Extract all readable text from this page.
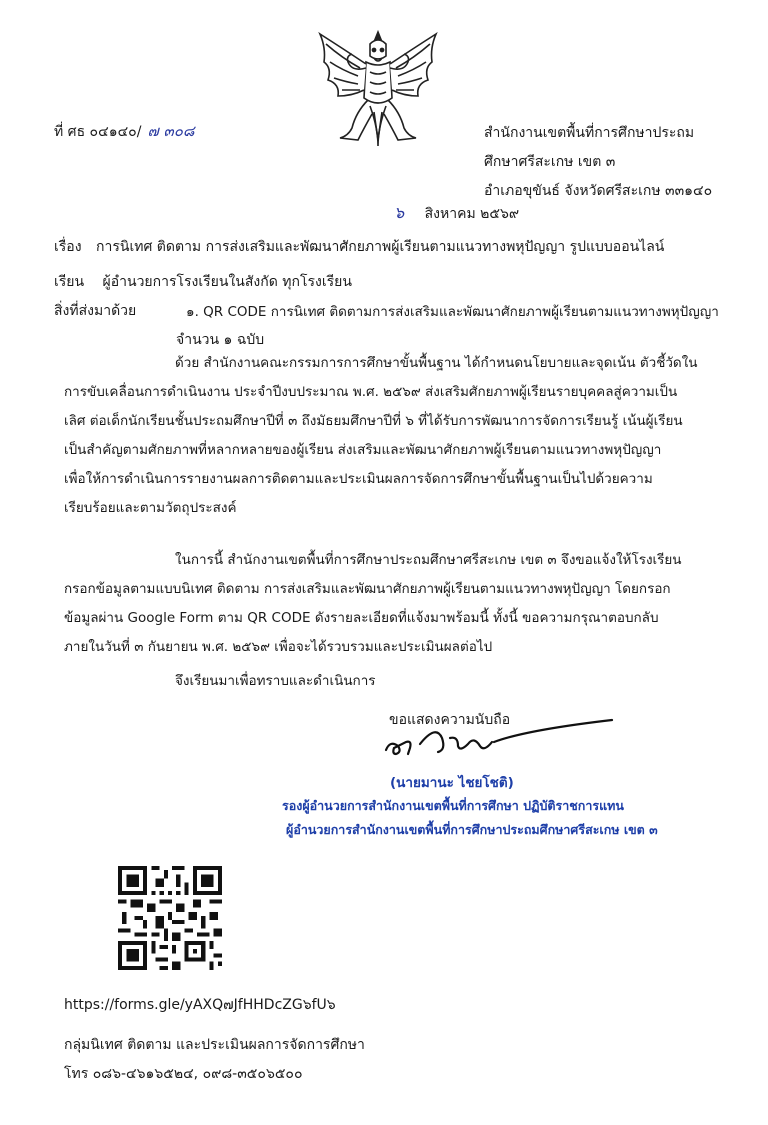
ที่ ศธ ๐๔๑๔๐/ ๗ ๓๐๘	สำนักงานเขตพื้นที่การศึกษาประถม
ศึกษาศรีสะเกษ เขต ๓
อำเภอขุขันธ์ จังหวัดศรีสะเกษ ๓๓๑๔๐
๖ สิงหาคม ๒๕๖๙
เรื่อง การนิเทศ ติดตาม การส่งเสริมและพัฒนาศักยภาพผู้เรียนตามแนวทางพหุปัญญา รูปแบบออนไลน์
เรียน ผู้อำนวยการโรงเรียนในสังกัด ทุกโรงเรียน
สิ่งที่ส่งมาด้วย	๑. QR CODE การนิเทศ ติดตามการส่งเสริมและพัฒนาศักยภาพผู้เรียนตามแนวทางพหุปัญญา
จำนวน ๑ ฉบับ
ด้วย สำนักงานคณะกรรมการการศึกษาขั้นพื้นฐาน ได้กำหนดนโยบายและจุดเน้น ตัวชี้วัดใน
การขับเคลื่อนการดำเนินงาน ประจำปีงบประมาณ พ.ศ. ๒๕๖๙ ส่งเสริมศักยภาพผู้เรียนรายบุคคลสู่ความเป็น
เลิศ ต่อเด็กนักเรียนชั้นประถมศึกษาปีที่ ๓ ถึงมัธยมศึกษาปีที่ ๖ ที่ได้รับการพัฒนาการจัดการเรียนรู้ เน้นผู้เรียน
เป็นสำคัญตามศักยภาพที่หลากหลายของผู้เรียน ส่งเสริมและพัฒนาศักยภาพผู้เรียนตามแนวทางพหุปัญญา
เพื่อให้การดำเนินการรายงานผลการติดตามและประเมินผลการจัดการศึกษาขั้นพื้นฐานเป็นไปด้วยความ
เรียบร้อยและตามวัตถุประสงค์
ในการนี้ สำนักงานเขตพื้นที่การศึกษาประถมศึกษาศรีสะเกษ เขต ๓ จึงขอแจ้งให้โรงเรียน
กรอกข้อมูลตามแบบนิเทศ ติดตาม การส่งเสริมและพัฒนาศักยภาพผู้เรียนตามแนวทางพหุปัญญา โดยกรอก
ข้อมูลผ่าน Google Form ตาม QR CODE ดังรายละเอียดที่แจ้งมาพร้อมนี้ ทั้งนี้ ขอความกรุณาตอบกลับ
ภายในวันที่ ๓ กันยายน พ.ศ. ๒๕๖๙ เพื่อจะได้รวบรวมและประเมินผลต่อไป
จึงเรียนมาเพื่อทราบและดำเนินการ
ขอแสดงความนับถือ
(นายมานะ ไชยโชติ)
รองผู้อำนวยการสำนักงานเขตพื้นที่การศึกษา ปฏิบัติราชการแทน
ผู้อำนวยการสำนักงานเขตพื้นที่การศึกษาประถมศึกษาศรีสะเกษ เขต ๓
https://forms.gle/yAXQ๗JfHHDcZG๖fU๖
กลุ่มนิเทศ ติดตาม และประเมินผลการจัดการศึกษา
โทร ๐๘๖-๔๖๑๖๕๒๔, ๐๙๘-๓๕๐๖๕๐๐
